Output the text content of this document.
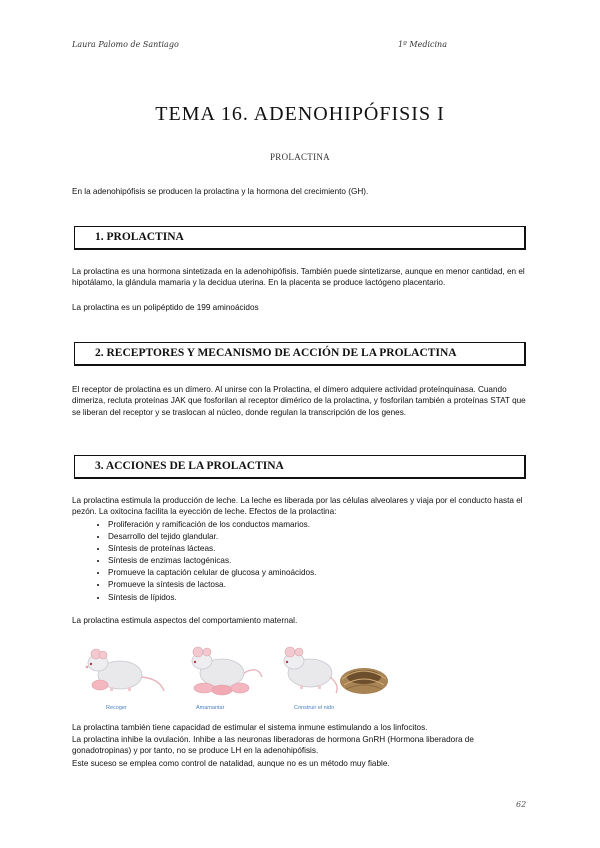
Laura Palomo de Santiago	1º Medicina
TEMA 16. ADENOHIPÓFISIS I
PROLACTINA

En la adenohipófisis se producen la prolactina y la hormona del crecimiento (GH).

1. PROLACTINA

La prolactina es una hormona sintetizada en la adenohipófisis. También puede sintetizarse, aunque en menor cantidad, en el hipotálamo, la glándula mamaria y la decidua uterina. En la placenta se produce lactógeno placentario.

La prolactina es un polipéptido de 199 aminoácidos

2. RECEPTORES Y MECANISMO DE ACCIÓN DE LA PROLACTINA

El receptor de prolactina es un dímero. Al unirse con la Prolactina, el dímero adquiere actividad proteínquinasa. Cuando dimeriza, recluta proteínas JAK que fosforilan al receptor dimérico de la prolactina, y fosforilan también a proteínas STAT que se liberan del receptor y se traslocan al núcleo, donde regulan la transcripción de los genes.

3. ACCIONES DE LA PROLACTINA

La prolactina estimula la producción de leche. La leche es liberada por las células alveolares y viaja por el conducto hasta el pezón. La oxitocina facilita la eyección de leche. Efectos de la prolactina:

• Proliferación y ramificación de los conductos mamarios.
• Desarrollo del tejido glandular.
• Síntesis de proteínas lácteas.
• Síntesis de enzimas lactogénicas.
• Promueve la captación celular de glucosa y aminoácidos.
• Promueve la síntesis de lactosa.
• Síntesis de lípidos.

La prolactina estimula aspectos del comportamiento maternal.

Recoger	Amamantar	Construir el nido

La prolactina también tiene capacidad de estimular el sistema inmune estimulando a los linfocitos.

La prolactina inhibe la ovulación. Inhibe a las neuronas liberadoras de hormona GnRH (Hormona liberadora de gonadotropinas) y por tanto, no se produce LH en la adenohipófisis.

Este suceso se emplea como control de natalidad, aunque no es un método muy fiable.

62
